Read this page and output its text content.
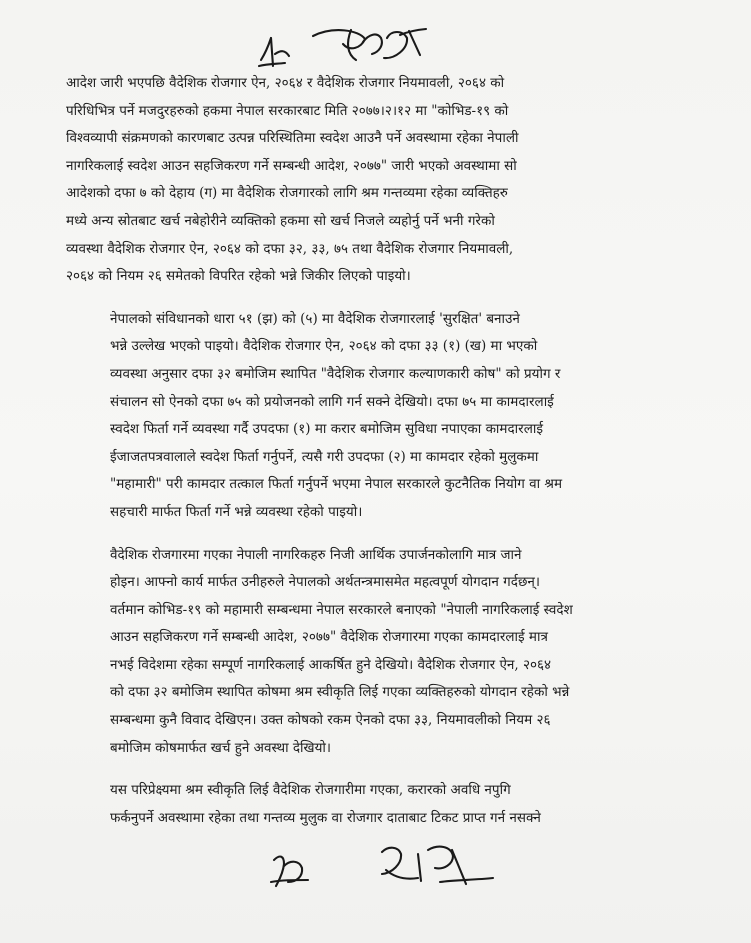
आदेश जारी भएपछि वैदेशिक रोजगार ऐन, २०६४ र वैदेशिक रोजगार नियमावली, २०६४ को
परिधिभित्र पर्ने मजदुरहरुको हकमा नेपाल सरकारबाट मिति २०७७।२।१२ मा "कोभिड-१९ को
विश्वव्यापी संक्रमणको कारणबाट उत्पन्न परिस्थितिमा स्वदेश आउनै पर्ने अवस्थामा रहेका नेपाली
नागरिकलाई स्वदेश आउन सहजिकरण गर्ने सम्बन्धी आदेश, २०७७" जारी भएको अवस्थामा सो
आदेशको दफा ७ को देहाय (ग) मा वैदेशिक रोजगारको लागि श्रम गन्तव्यमा रहेका व्यक्तिहरु
मध्ये अन्य स्रोतबाट खर्च नबेहोरीने व्यक्तिको हकमा सो खर्च निजले व्यहोर्नु पर्ने भनी गरेको
व्यवस्था वैदेशिक रोजगार ऐन, २०६४ को दफा ३२, ३३, ७५ तथा वैदेशिक रोजगार नियमावली,
२०६४ को नियम २६ समेतको विपरित रहेको भन्ने जिकीर लिएको पाइयो।
नेपालको संविधानको धारा ५१ (झ) को (५) मा वैदेशिक रोजगारलाई 'सुरक्षित' बनाउने
भन्ने उल्लेख भएको पाइयो। वैदेशिक रोजगार ऐन, २०६४ को दफा ३३ (१) (ख) मा भएको
व्यवस्था अनुसार दफा ३२ बमोजिम स्थापित "वैदेशिक रोजगार कल्याणकारी कोष" को प्रयोग र
संचालन सो ऐनको दफा ७५ को प्रयोजनको लागि गर्न सक्ने देखियो। दफा ७५ मा कामदारलाई
स्वदेश फिर्ता गर्ने व्यवस्था गर्दै उपदफा (१) मा करार बमोजिम सुविधा नपाएका कामदारलाई
ईजाजतपत्रवालाले स्वदेश फिर्ता गर्नुपर्ने, त्यसै गरी उपदफा (२) मा कामदार रहेको मुलुकमा
"महामारी" परी कामदार तत्काल फिर्ता गर्नुपर्ने भएमा नेपाल सरकारले कुटनैतिक नियोग वा श्रम
सहचारी मार्फत फिर्ता गर्ने भन्ने व्यवस्था रहेको पाइयो।
वैदेशिक रोजगारमा गएका नेपाली नागरिकहरु निजी आर्थिक उपार्जनकोलागि मात्र जाने
होइन। आफ्नो कार्य मार्फत उनीहरुले नेपालको अर्थतन्त्रमासमेत महत्वपूर्ण योगदान गर्दछन्।
वर्तमान कोभिड-१९ को महामारी सम्बन्धमा नेपाल सरकारले बनाएको "नेपाली नागरिकलाई स्वदेश
आउन सहजिकरण गर्ने सम्बन्धी आदेश, २०७७" वैदेशिक रोजगारमा गएका कामदारलाई मात्र
नभई विदेशमा रहेका सम्पूर्ण नागरिकलाई आकर्षित हुने देखियो। वैदेशिक रोजगार ऐन, २०६४
को दफा ३२ बमोजिम स्थापित कोषमा श्रम स्वीकृति लिई गएका व्यक्तिहरुको योगदान रहेको भन्ने
सम्बन्धमा कुनै विवाद देखिएन। उक्त कोषको रकम ऐनको दफा ३३, नियमावलीको नियम २६
बमोजिम कोषमार्फत खर्च हुने अवस्था देखियो।
यस परिप्रेक्ष्यमा श्रम स्वीकृति लिई वैदेशिक रोजगारीमा गएका, करारको अवधि नपुगि
फर्कनुपर्ने अवस्थामा रहेका तथा गन्तव्य मुलुक वा रोजगार दाताबाट टिकट प्राप्त गर्न नसक्ने
